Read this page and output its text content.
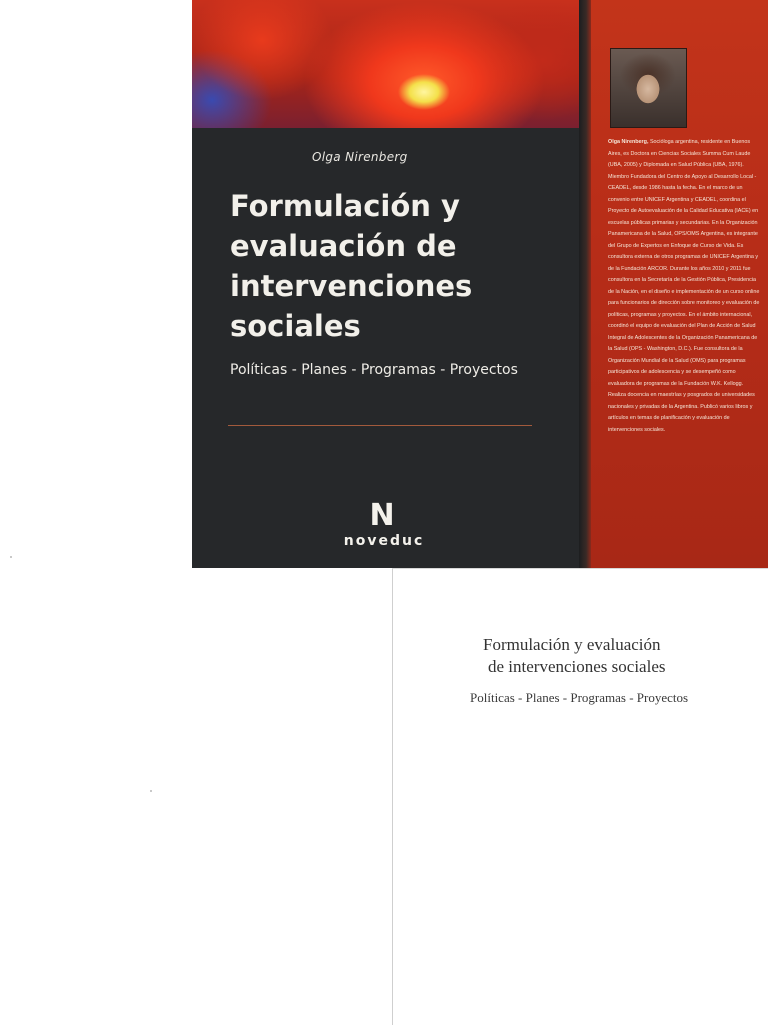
Olga Nirenberg
Formulación y
evaluación de
intervenciones
sociales
Políticas - Planes - Programas - Proyectos
N
noveduc
Olga Nirenberg, Socióloga argentina, residente en Buenos Aires, es Doctora en Ciencias Sociales Summa Cum Laude (UBA, 2005) y Diplomada en Salud Pública (UBA, 1976). Miembro Fundadora del Centro de Apoyo al Desarrollo Local - CEADEL, desde 1986 hasta la fecha. En el marco de un convenio entre UNICEF Argentina y CEADEL, coordina el Proyecto de Autoevaluación de la Calidad Educativa (IACE) en escuelas públicas primarias y secundarias. En la Organización Panamericana de la Salud, OPS/OMS Argentina, es integrante del Grupo de Expertos en Enfoque de Curso de Vida. Es consultora externa de otros programas de UNICEF Argentina y de la Fundación ARCOR. Durante los años 2010 y 2011 fue consultora en la Secretaría de la Gestión Pública, Presidencia de la Nación, en el diseño e implementación de un curso online para funcionarios de dirección sobre monitoreo y evaluación de políticas, programas y proyectos. En el ámbito internacional, coordinó el equipo de evaluación del Plan de Acción de Salud Integral de Adolescentes de la Organización Panamericana de la Salud (OPS - Washington, D.C.). Fue consultora de la Organización Mundial de la Salud (OMS) para programas participativos de adolescencia y se desempeñó como evaluadora de programas de la Fundación W.K. Kellogg. Realiza docencia en maestrías y posgrados de universidades nacionales y privadas de la Argentina. Publicó varios libros y artículos en temas de planificación y evaluación de intervenciones sociales.
Formulación y evaluación
de intervenciones sociales
Políticas - Planes - Programas - Proyectos
